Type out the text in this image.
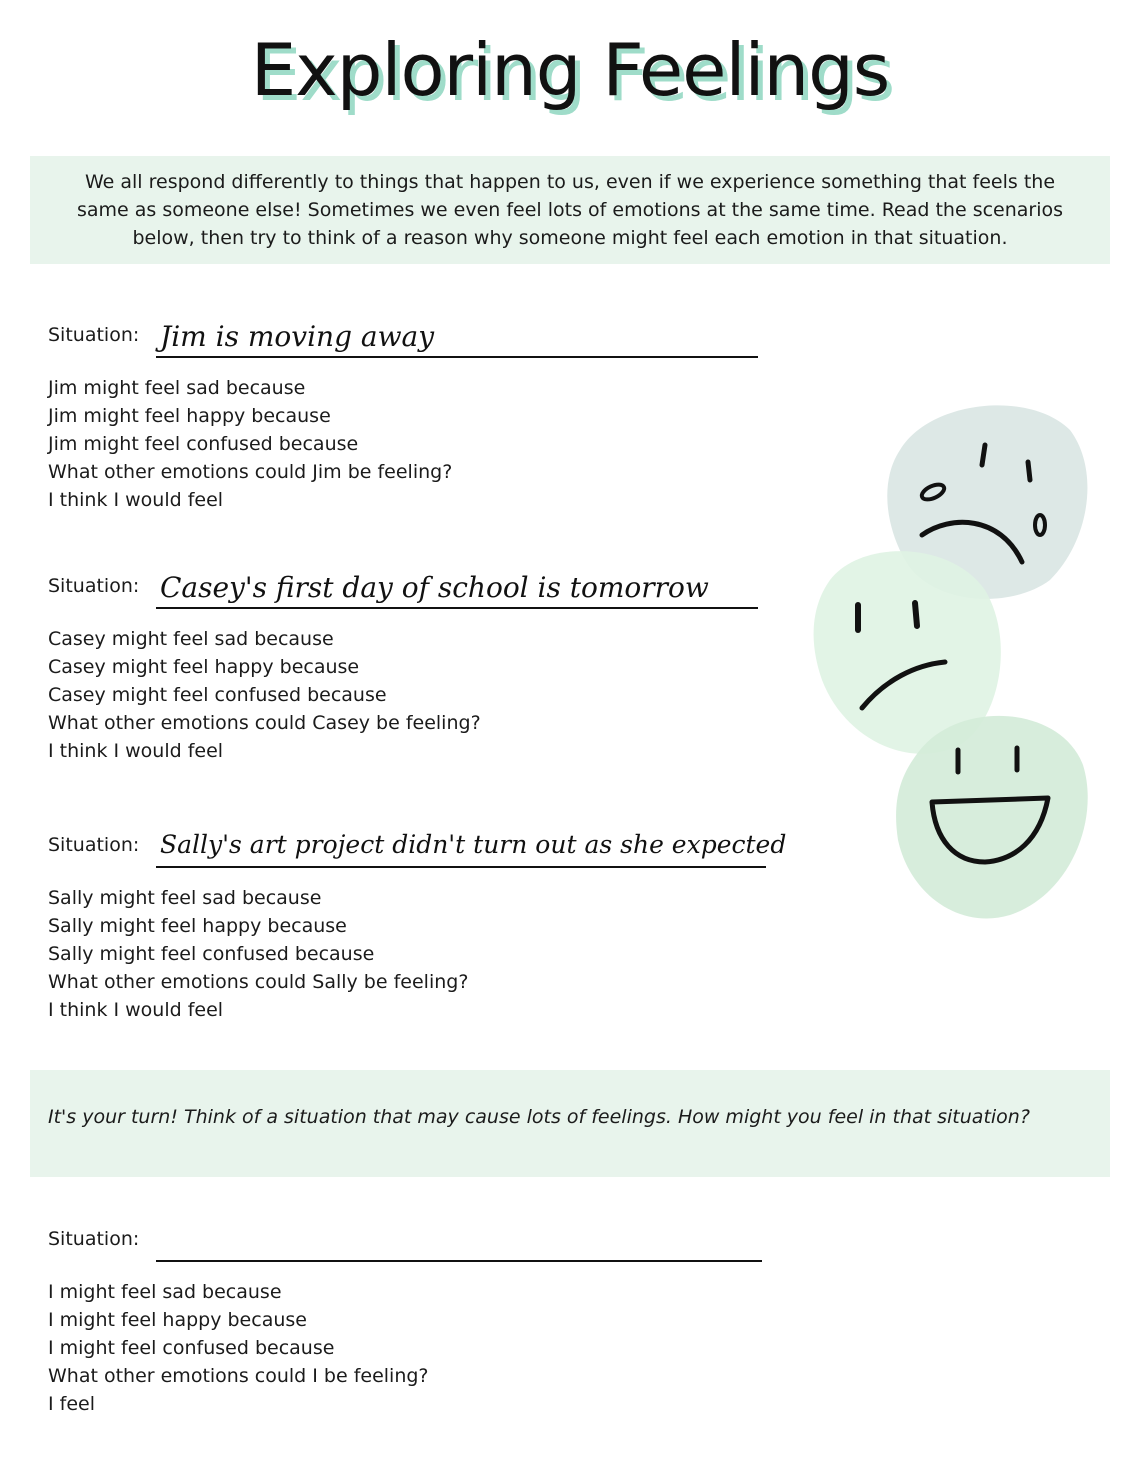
Exploring Feelings
We all respond differently to things that happen to us, even if we experience something that feels the same as someone else! Sometimes we even feel lots of emotions at the same time. Read the scenarios below, then try to think of a reason why someone might feel each emotion in that situation.
Situation: Jim is moving away
Jim might feel sad because
Jim might feel happy because
Jim might feel confused because
What other emotions could Jim be feeling?
I think I would feel
Situation: Casey's first day of school is tomorrow
Casey might feel sad because
Casey might feel happy because
Casey might feel confused because
What other emotions could Casey be feeling?
I think I would feel
Situation: Sally's art project didn't turn out as she expected
Sally might feel sad because
Sally might feel happy because
Sally might feel confused because
What other emotions could Sally be feeling?
I think I would feel
It's your turn! Think of a situation that may cause lots of feelings. How might you feel in that situation?
Situation:
I might feel sad because
I might feel happy because
I might feel confused because
What other emotions could I be feeling?
I feel
